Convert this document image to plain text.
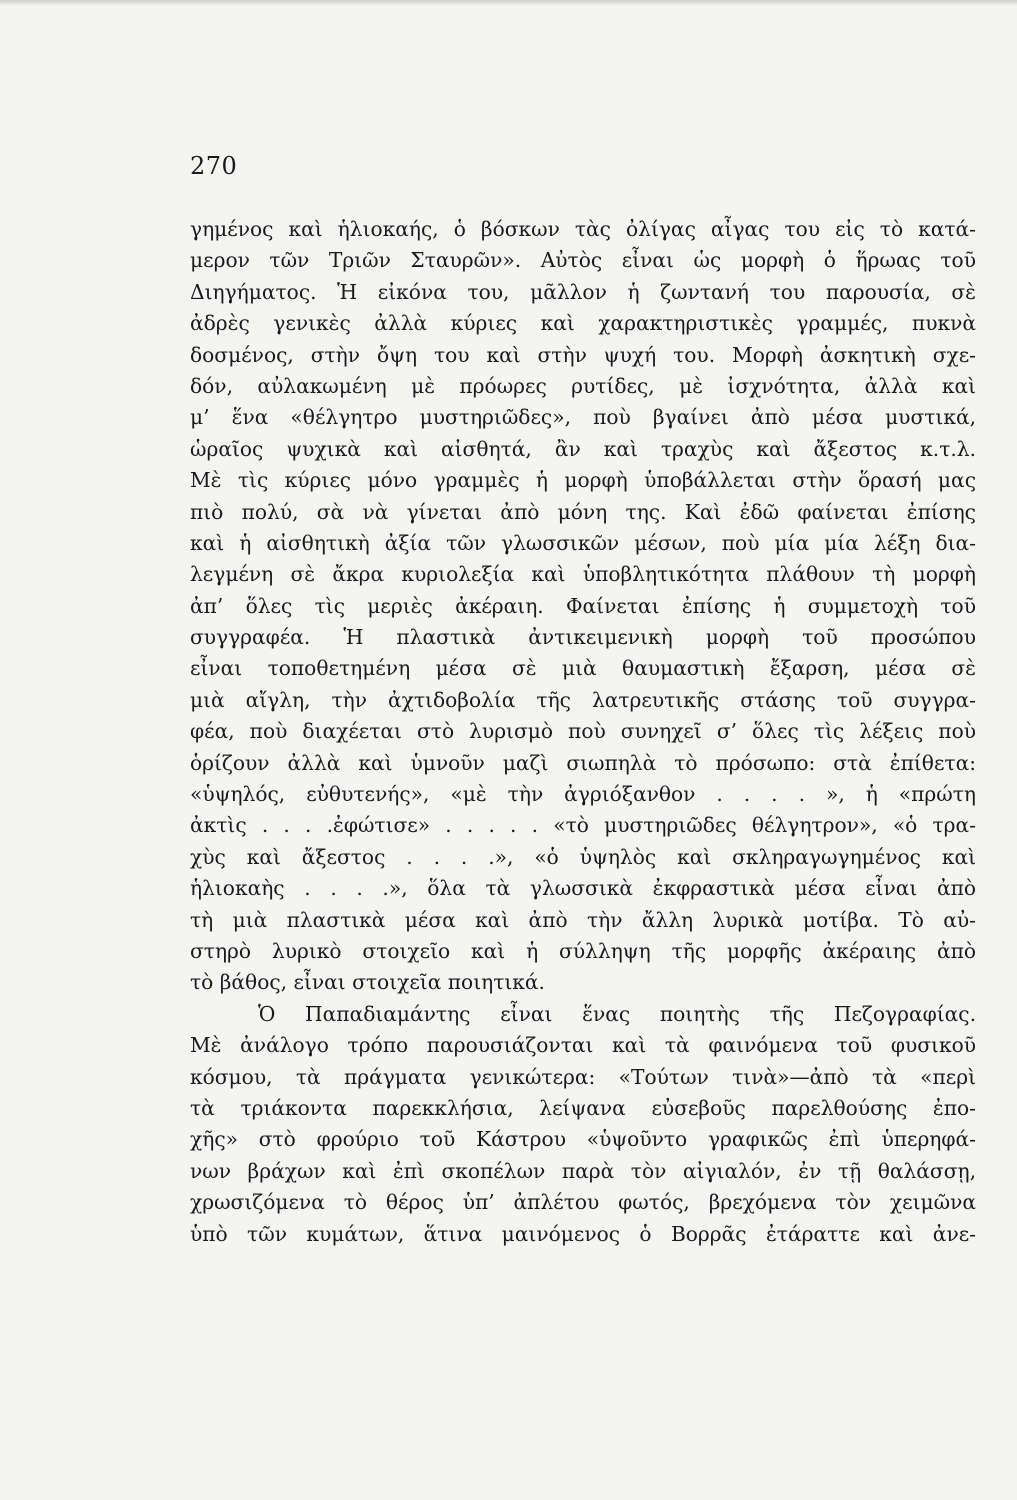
270
γημένος καὶ ἡλιοκαής, ὁ βόσκων τὰς ὀλίγας αἶγας του εἰς τὸ κατά-
μερον τῶν Τριῶν Σταυρῶν». Αὐτὸς εἶναι ὡς μορφὴ ὁ ἥρωας τοῦ
Διηγήματος. Ἡ εἰκόνα του, μᾶλλον ἡ ζωντανή του παρουσία, σὲ
ἀδρὲς γενικὲς ἀλλὰ κύριες καὶ χαρακτηριστικὲς γραμμές, πυκνὰ
δοσμένος, στὴν ὄψη του καὶ στὴν ψυχή του. Μορφὴ ἀσκητικὴ σχε-
δόν, αὐλακωμένη μὲ πρόωρες ρυτίδες, μὲ ἰσχνότητα, ἀλλὰ καὶ
μ’ ἕνα «θέλγητρο μυστηριῶδες», ποὺ βγαίνει ἀπὸ μέσα μυστικά,
ὡραῖος ψυχικὰ καὶ αἰσθητά, ἂν καὶ τραχὺς καὶ ἄξεστος κ.τ.λ.
Μὲ τὶς κύριες μόνο γραμμὲς ἡ μορφὴ ὑποβάλλεται στὴν ὅρασή μας
πιὸ πολύ, σὰ νὰ γίνεται ἀπὸ μόνη της. Καὶ ἐδῶ φαίνεται ἐπίσης
καὶ ἡ αἰσθητικὴ ἀξία τῶν γλωσσικῶν μέσων, ποὺ μία μία λέξη δια-
λεγμένη σὲ ἄκρα κυριολεξία καὶ ὑποβλητικότητα πλάθουν τὴ μορφὴ
ἀπ’ ὅλες τὶς μεριὲς ἀκέραιη. Φαίνεται ἐπίσης ἡ συμμετοχὴ τοῦ
συγγραφέα. Ἡ πλαστικὰ ἀντικειμενικὴ μορφὴ τοῦ προσώπου
εἶναι τοποθετημένη μέσα σὲ μιὰ θαυμαστικὴ ἔξαρση, μέσα σὲ
μιὰ αἴγλη, τὴν ἀχτιδοβολία τῆς λατρευτικῆς στάσης τοῦ συγγρα-
φέα, ποὺ διαχέεται στὸ λυρισμὸ ποὺ συνηχεῖ σ’ ὅλες τὶς λέξεις ποὺ
ὁρίζουν ἀλλὰ καὶ ὑμνοῦν μαζὶ σιωπηλὰ τὸ πρόσωπο: στὰ ἐπίθετα:
«ὑψηλός, εὐθυτενής», «μὲ τὴν ἀγριόξανθον . . . . », ἡ «πρώτη
ἀκτὶς . . . .ἐφώτισε» . . . . . «τὸ μυστηριῶδες θέλγητρον», «ὁ τρα-
χὺς καὶ ἄξεστος . . . .», «ὁ ὑψηλὸς καὶ σκληραγωγημένος καὶ
ἡλιοκαὴς . . . .», ὅλα τὰ γλωσσικὰ ἐκφραστικὰ μέσα εἶναι ἀπὸ
τὴ μιὰ πλαστικὰ μέσα καὶ ἀπὸ τὴν ἄλλη λυρικὰ μοτίβα. Τὸ αὐ-
στηρὸ λυρικὸ στοιχεῖο καὶ ἡ σύλληψη τῆς μορφῆς ἀκέραιης ἀπὸ
τὸ βάθος, εἶναι στοιχεῖα ποιητικά.
Ὁ Παπαδιαμάντης εἶναι ἕνας ποιητὴς τῆς Πεζογραφίας.
Μὲ ἀνάλογο τρόπο παρουσιάζονται καὶ τὰ φαινόμενα τοῦ φυσικοῦ
κόσμου, τὰ πράγματα γενικώτερα: «Τούτων τινὰ»—ἀπὸ τὰ «περὶ
τὰ τριάκοντα παρεκκλήσια, λείψανα εὐσεβοῦς παρελθούσης ἐπο-
χῆς» στὸ φρούριο τοῦ Κάστρου «ὑψοῦντο γραφικῶς ἐπὶ ὑπερηφά-
νων βράχων καὶ ἐπὶ σκοπέλων παρὰ τὸν αἰγιαλόν, ἐν τῇ θαλάσσῃ,
χρωσιζόμενα τὸ θέρος ὑπ’ ἀπλέτου φωτός, βρεχόμενα τὸν χειμῶνα
ὑπὸ τῶν κυμάτων, ἅτινα μαινόμενος ὁ Βορρᾶς ἐτάραττε καὶ ἀνε-
